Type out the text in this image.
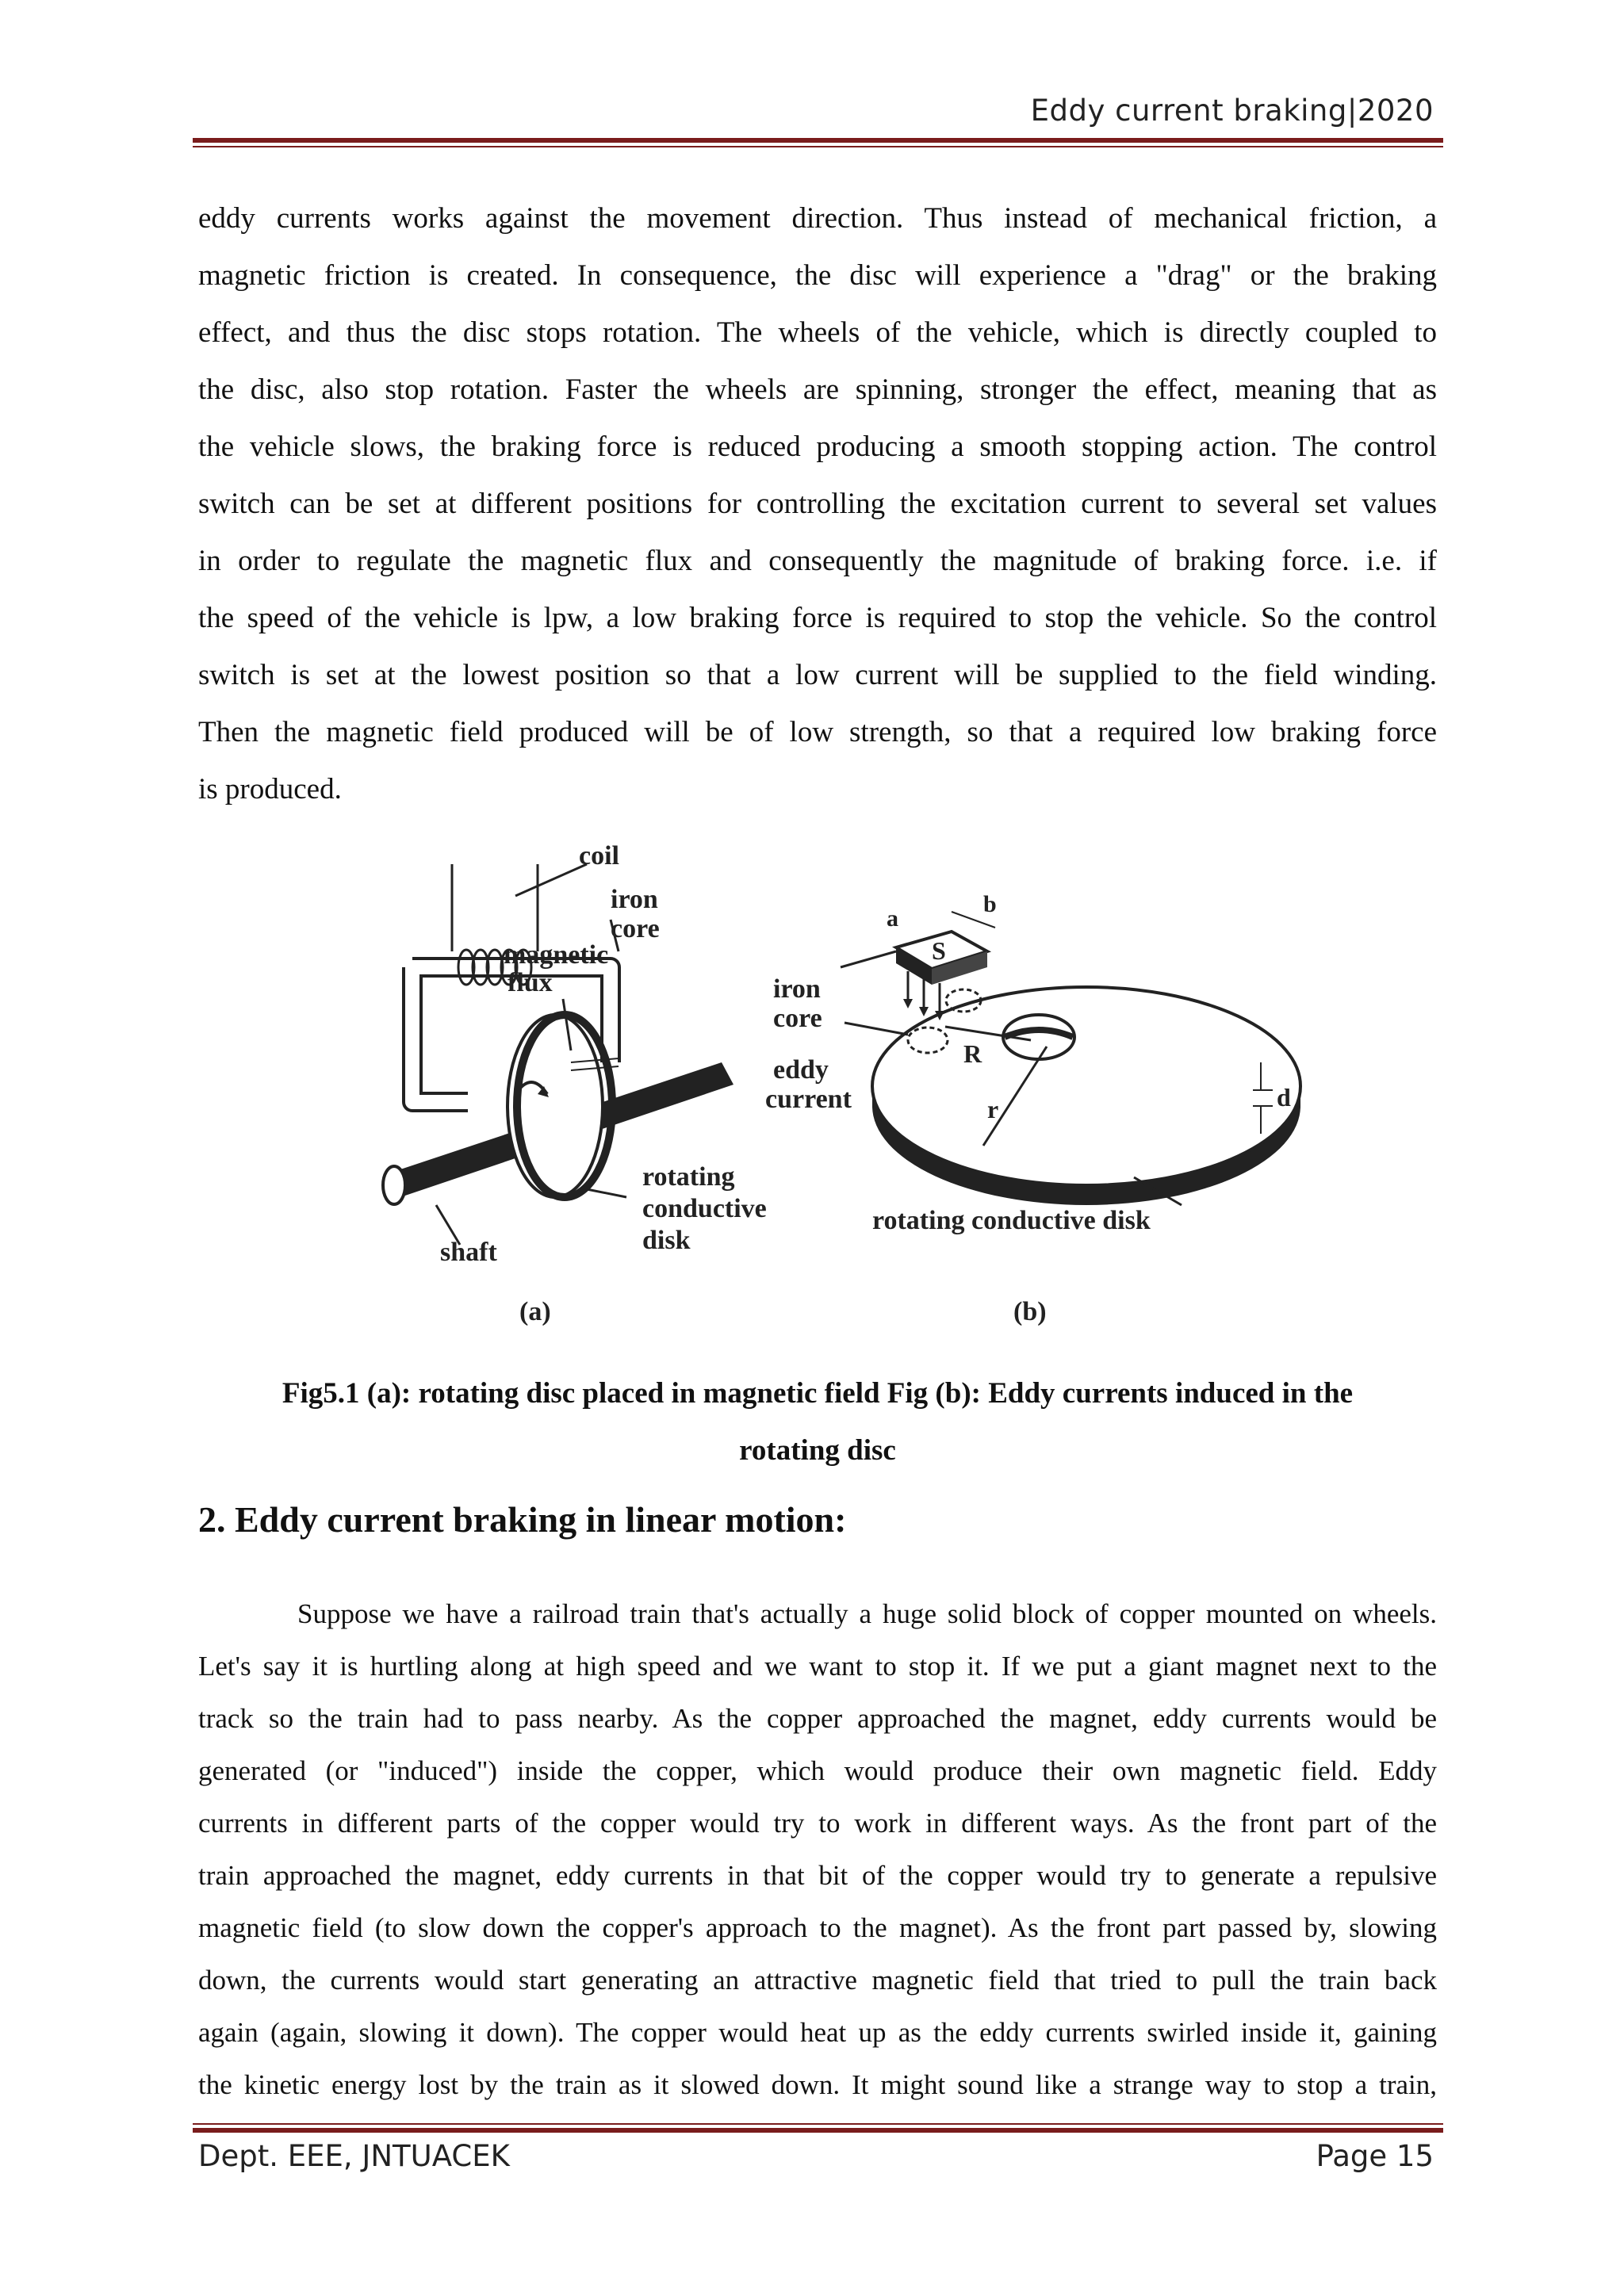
Eddy current braking|2020
eddy currents works against the movement direction. Thus instead of mechanical friction, a
magnetic friction is created. In consequence, the disc will experience a "drag" or the braking
effect, and thus the disc stops rotation. The wheels of the vehicle, which is directly coupled to
the disc, also stop rotation. Faster the wheels are spinning, stronger the effect, meaning that as
the vehicle slows, the braking force is reduced producing a smooth stopping action. The control
switch can be set at different positions for controlling the excitation current to several set values
in order to regulate the magnetic flux and consequently the magnitude of braking force. i.e. if
the speed of the vehicle is lpw, a low braking force is required to stop the vehicle. So the control
switch is set at the lowest position so that a low current will be supplied to the field winding.
Then the magnetic field produced will be of low strength, so that a required low braking force
is produced.
coil
iron
core
magnetic
flux
rotating
conductive
disk
shaft
(a)
S
a
b
R
r	d
iron
core
eddy
current
rotating conductive disk
(b)
Fig5.1 (a): rotating disc placed in magnetic field Fig (b): Eddy currents induced in the
rotating disc
2. Eddy current braking in linear motion:
Suppose we have a railroad train that's actually a huge solid block of copper mounted on wheels.
Let's say it is hurtling along at high speed and we want to stop it. If we put a giant magnet next to the
track so the train had to pass nearby. As the copper approached the magnet, eddy currents would be
generated (or "induced") inside the copper, which would produce their own magnetic field. Eddy
currents in different parts of the copper would try to work in different ways. As the front part of the
train approached the magnet, eddy currents in that bit of the copper would try to generate a repulsive
magnetic field (to slow down the copper's approach to the magnet). As the front part passed by, slowing
down, the currents would start generating an attractive magnetic field that tried to pull the train back
again (again, slowing it down). The copper would heat up as the eddy currents swirled inside it, gaining
the kinetic energy lost by the train as it slowed down. It might sound like a strange way to stop a train,
Dept. EEE, JNTUACEK	Page 15
